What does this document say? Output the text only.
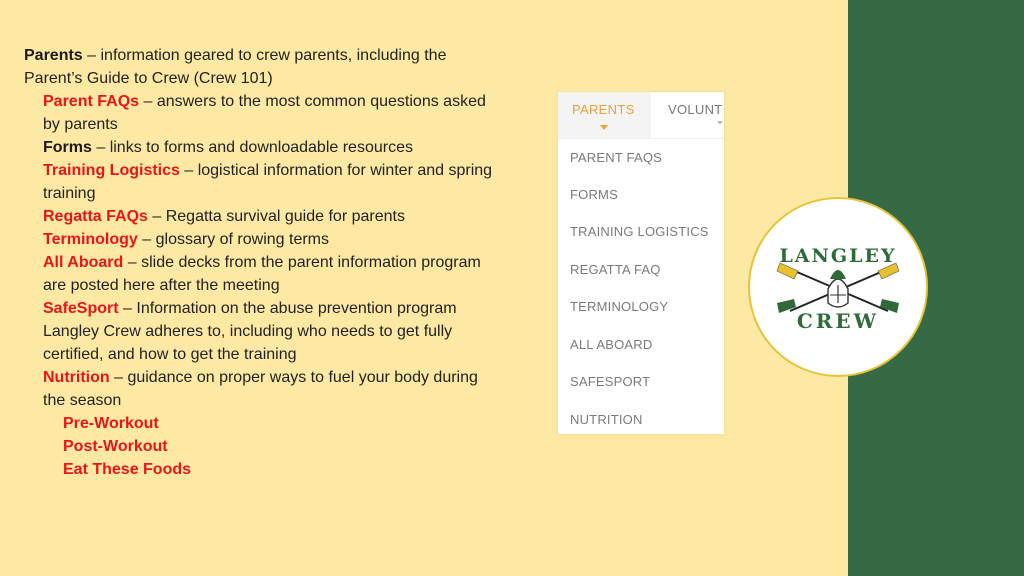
Parents – information geared to crew parents, including the
Parent’s Guide to Crew (Crew 101)
Parent FAQs – answers to the most common questions asked
by parents
Forms – links to forms and downloadable resources
Training Logistics – logistical information for winter and spring
training
Regatta FAQs – Regatta survival guide for parents
Terminology – glossary of rowing terms
All Aboard – slide decks from the parent information program
are posted here after the meeting
SafeSport – Information on the abuse prevention program
Langley Crew adheres to, including who needs to get fully
certified, and how to get the training
Nutrition – guidance on proper ways to fuel your body during
the season
Pre-Workout
Post-Workout
Eat These Foods
PARENTS	VOLUNT
PARENT FAQS
FORMS
TRAINING LOGISTICS
REGATTA FAQ
TERMINOLOGY
ALL ABOARD
SAFESPORT
NUTRITION
LANGLEY
CREW
